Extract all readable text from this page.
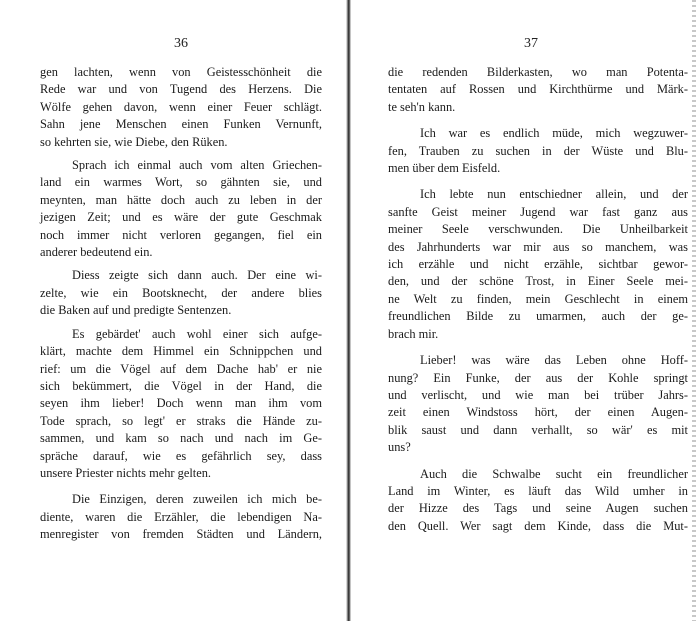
36
gen lachten, wenn von Geistesschönheit die
Rede war und von Tugend des Herzens. Die
Wölfe gehen davon, wenn einer Feuer schlägt.
Sahn jene Menschen einen Funken Vernunft,
so kehrten sie, wie Diebe, den Rüken.
Sprach ich einmal auch vom alten Griechen-
land ein warmes Wort, so gähnten sie, und
meynten, man hätte doch auch zu leben in der
jezigen Zeit; und es wäre der gute Geschmak
noch immer nicht verloren gegangen, fiel ein
anderer bedeutend ein.
Diess zeigte sich dann auch. Der eine wi-
zelte, wie ein Bootsknecht, der andere blies
die Baken auf und predigte Sentenzen.
Es gebärdet' auch wohl einer sich aufge-
klärt, machte dem Himmel ein Schnippchen und
rief: um die Vögel auf dem Dache hab' er nie
sich bekümmert, die Vögel in der Hand, die
seyen ihm lieber! Doch wenn man ihm vom
Tode sprach, so legt' er straks die Hände zu-
sammen, und kam so nach und nach im Ge-
spräche darauf, wie es gefährlich sey, dass
unsere Priester nichts mehr gelten.
Die Einzigen, deren zuweilen ich mich be-
diente, waren die Erzähler, die lebendigen Na-
menregister von fremden Städten und Ländern,
37
die redenden Bilderkasten, wo man Potenta-
tentaten auf Rossen und Kirchthürme und Märk-
te seh'n kann.
Ich war es endlich müde, mich wegzuwer-
fen, Trauben zu suchen in der Wüste und Blu-
men über dem Eisfeld.
Ich lebte nun entschiedner allein, und der
sanfte Geist meiner Jugend war fast ganz aus
meiner Seele verschwunden. Die Unheilbarkeit
des Jahrhunderts war mir aus so manchem, was
ich erzähle und nicht erzähle, sichtbar gewor-
den, und der schöne Trost, in Einer Seele mei-
ne Welt zu finden, mein Geschlecht in einem
freundlichen Bilde zu umarmen, auch der ge-
brach mir.
Lieber! was wäre das Leben ohne Hoff-
nung? Ein Funke, der aus der Kohle springt
und verlischt, und wie man bei trüber Jahrs-
zeit einen Windstoss hört, der einen Augen-
blik saust und dann verhallt, so wär' es mit
uns?
Auch die Schwalbe sucht ein freundlicher
Land im Winter, es läuft das Wild umher in
der Hizze des Tags und seine Augen suchen
den Quell. Wer sagt dem Kinde, dass die Mut-
